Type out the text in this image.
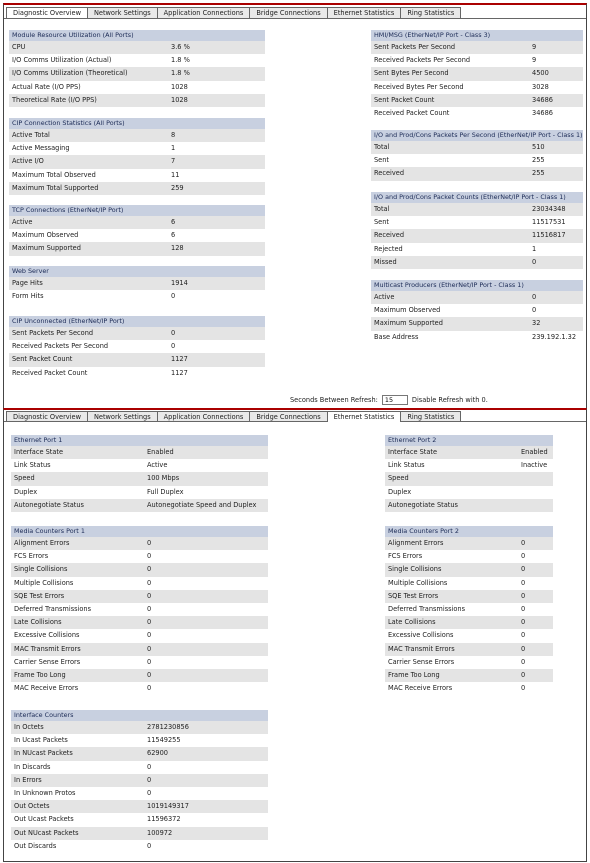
Diagnostic Overview	Network Settings	Application Connections	Bridge Connections	Ethernet Statistics	Ring Statistics
Module Resource Utilization (All Ports)
CPU	3.6 %
I/O Comms Utilization (Actual)	1.8 %
I/O Comms Utilization (Theoretical)	1.8 %
Actual Rate (I/O PPS)	1028
Theoretical Rate (I/O PPS)	1028
CIP Connection Statistics (All Ports)
Active Total	8
Active Messaging	1
Active I/O	7
Maximum Total Observed	11
Maximum Total Supported	259
TCP Connections (EtherNet/IP Port)
Active	6
Maximum Observed	6
Maximum Supported	128
Web Server
Page Hits	1914
Form Hits	0
CIP Unconnected (EtherNet/IP Port)
Sent Packets Per Second	0
Received Packets Per Second	0
Sent Packet Count	1127
Received Packet Count	1127
HMI/MSG (EtherNet/IP Port - Class 3)
Sent Packets Per Second	9
Received Packets Per Second	9
Sent Bytes Per Second	4500
Received Bytes Per Second	3028
Sent Packet Count	34686
Received Packet Count	34686
I/O and Prod/Cons Packets Per Second (EtherNet/IP Port - Class 1)
Total	510
Sent	255
Received	255
I/O and Prod/Cons Packet Counts (EtherNet/IP Port - Class 1)
Total	23034348
Sent	11517531
Received	11516817
Rejected	1
Missed	0
Multicast Producers (EtherNet/IP Port - Class 1)
Active	0
Maximum Observed	0
Maximum Supported	32
Base Address	239.192.1.32
Seconds Between Refresh:
15	Disable Refresh with 0.
Diagnostic Overview	Network Settings	Application Connections	Bridge Connections	Ethernet Statistics	Ring Statistics
Ethernet Port 1
Interface State	Enabled
Link Status	Active
Speed	100 Mbps
Duplex	Full Duplex
Autonegotiate Status	Autonegotiate Speed and Duplex
Media Counters Port 1
Alignment Errors	0
FCS Errors	0
Single Collisions	0
Multiple Collisions	0
SQE Test Errors	0
Deferred Transmissions	0
Late Collisions	0
Excessive Collisions	0
MAC Transmit Errors	0
Carrier Sense Errors	0
Frame Too Long	0
MAC Receive Errors	0
Interface Counters
In Octets	2781230856
In Ucast Packets	11549255
In NUcast Packets	62900
In Discards	0
In Errors	0
In Unknown Protos	0
Out Octets	1019149317
Out Ucast Packets	11596372
Out NUcast Packets	100972
Out Discards	0
Ethernet Port 2
Interface State	Enabled
Link Status	Inactive
Speed
Duplex
Autonegotiate Status
Media Counters Port 2
Alignment Errors	0
FCS Errors	0
Single Collisions	0
Multiple Collisions	0
SQE Test Errors	0
Deferred Transmissions	0
Late Collisions	0
Excessive Collisions	0
MAC Transmit Errors	0
Carrier Sense Errors	0
Frame Too Long	0
MAC Receive Errors	0
